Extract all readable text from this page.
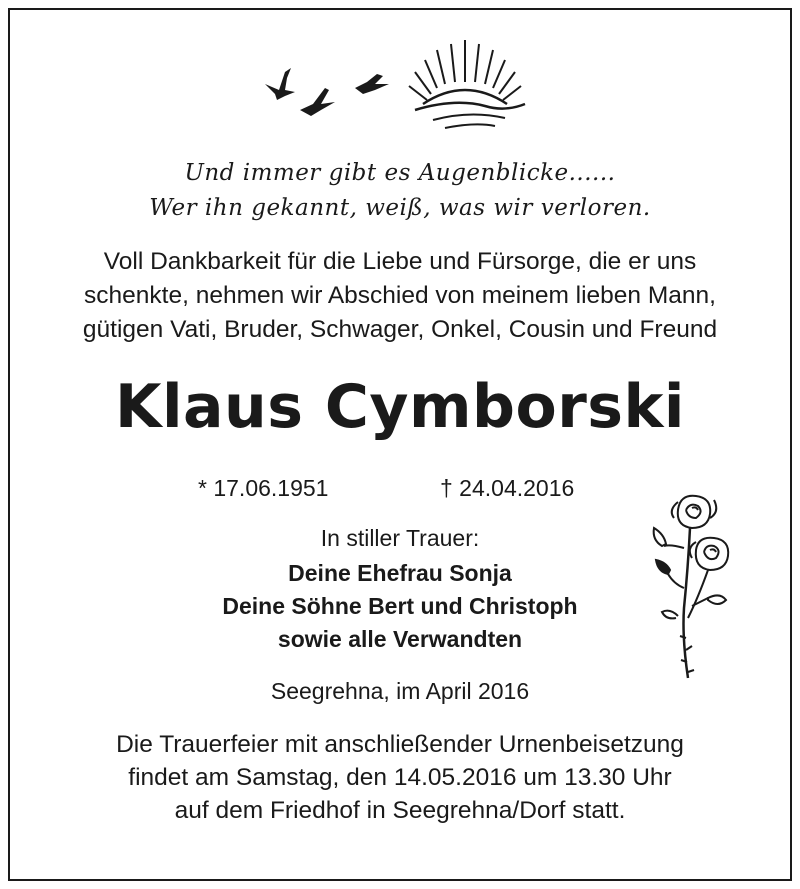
Und immer gibt es Augenblicke......
Wer ihn gekannt, weiß, was wir verloren.
Voll Dankbarkeit für die Liebe und Fürsorge, die er uns
schenkte, nehmen wir Abschied von meinem lieben Mann,
gütigen Vati, Bruder, Schwager, Onkel, Cousin und Freund
Klaus Cymborski
* 17.06.1951	† 24.04.2016
In stiller Trauer:
Deine Ehefrau Sonja
Deine Söhne Bert und Christoph
sowie alle Verwandten
Seegrehna, im April 2016
Die Trauerfeier mit anschließender Urnenbeisetzung
findet am Samstag, den 14.05.2016 um 13.30 Uhr
auf dem Friedhof in Seegrehna/Dorf statt.
